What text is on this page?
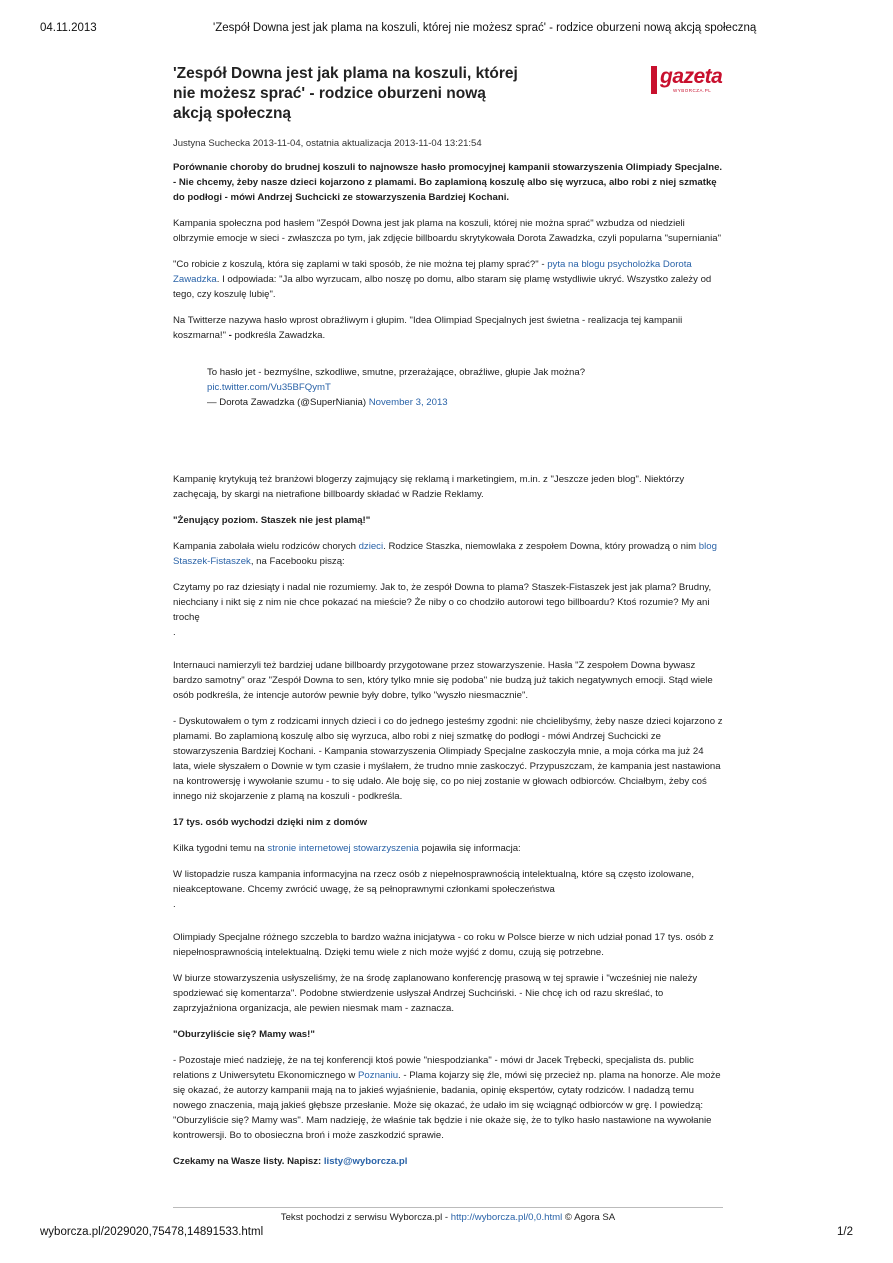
04.11.2013	'Zespół Downa jest jak plama na koszuli, której nie możesz sprać' - rodzice oburzeni nową akcją społeczną
gazeta
WYBORCZA.PL
'Zespół Downa jest jak plama na koszuli, której nie możesz sprać' - rodzice oburzeni nową akcją społeczną
Justyna Suchecka 2013-11-04, ostatnia aktualizacja 2013-11-04 13:21:54

Porównanie choroby do brudnej koszuli to najnowsze hasło promocyjnej kampanii stowarzyszenia Olimpiady Specjalne. - Nie chcemy, żeby nasze dzieci kojarzono z plamami. Bo zaplamioną koszulę albo się wyrzuca, albo robi z niej szmatkę do podłogi - mówi Andrzej Suchcicki ze stowarzyszenia Bardziej Kochani.

Kampania społeczna pod hasłem "Zespół Downa jest jak plama na koszuli, której nie można sprać" wzbudza od niedzieli olbrzymie emocje w sieci - zwłaszcza po tym, jak zdjęcie billboardu skrytykowała Dorota Zawadzka, czyli popularna "superniania"

"Co robicie z koszulą, która się zaplami w taki sposób, że nie można tej plamy sprać?" - pyta na blogu psycholożka Dorota Zawadzka. I odpowiada: "Ja albo wyrzucam, albo noszę po domu, albo staram się plamę wstydliwie ukryć. Wszystko zależy od tego, czy koszulę lubię".

Na Twitterze nazywa hasło wprost obraźliwym i głupim. "Idea Olimpiad Specjalnych jest świetna - realizacja tej kampanii koszmarna!" - podkreśla Zawadzka.

To hasło jet - bezmyślne, szkodliwe, smutne, przerażające, obraźliwe, głupie Jak można?
pic.twitter.com/Vu35BFQymT
— Dorota Zawadzka (@SuperNiania) November 3, 2013

Kampanię krytykują też branżowi blogerzy zajmujący się reklamą i marketingiem, m.in. z "Jeszcze jeden blog". Niektórzy zachęcają, by skargi na nietrafione billboardy składać w Radzie Reklamy.

"Żenujący poziom. Staszek nie jest plamą!"

Kampania zabolała wielu rodziców chorych dzieci. Rodzice Staszka, niemowlaka z zespołem Downa, który prowadzą o nim blog Staszek-Fistaszek, na Facebooku piszą:

Czytamy po raz dziesiąty i nadal nie rozumiemy. Jak to, że zespół Downa to plama? Staszek-Fistaszek jest jak plama? Brudny, niechciany i nikt się z nim nie chce pokazać na mieście? Że niby o co chodziło autorowi tego billboardu? Ktoś rozumie? My ani trochę

.

Internauci namierzyli też bardziej udane billboardy przygotowane przez stowarzyszenie. Hasła "Z zespołem Downa bywasz bardzo samotny" oraz "Zespół Downa to sen, który tylko mnie się podoba" nie budzą już takich negatywnych emocji. Stąd wiele osób podkreśla, że intencje autorów pewnie były dobre, tylko "wyszło niesmacznie".

- Dyskutowałem o tym z rodzicami innych dzieci i co do jednego jesteśmy zgodni: nie chcielibyśmy, żeby nasze dzieci kojarzono z plamami. Bo zaplamioną koszulę albo się wyrzuca, albo robi z niej szmatkę do podłogi - mówi Andrzej Suchcicki ze stowarzyszenia Bardziej Kochani. - Kampania stowarzyszenia Olimpiady Specjalne zaskoczyła mnie, a moja córka ma już 24 lata, wiele słyszałem o Downie w tym czasie i myślałem, że trudno mnie zaskoczyć. Przypuszczam, że kampania jest nastawiona na kontrowersję i wywołanie szumu - to się udało. Ale boję się, co po niej zostanie w głowach odbiorców. Chciałbym, żeby coś innego niż skojarzenie z plamą na koszuli - podkreśla.

17 tys. osób wychodzi dzięki nim z domów

Kilka tygodni temu na stronie internetowej stowarzyszenia pojawiła się informacja:

W listopadzie rusza kampania informacyjna na rzecz osób z niepełnosprawnością intelektualną, które są często izolowane, nieakceptowane. Chcemy zwrócić uwagę, że są pełnoprawnymi członkami społeczeństwa

.

Olimpiady Specjalne różnego szczebla to bardzo ważna inicjatywa - co roku w Polsce bierze w nich udział ponad 17 tys. osób z niepełnosprawnością intelektualną. Dzięki temu wiele z nich może wyjść z domu, czują się potrzebne.

W biurze stowarzyszenia usłyszeliśmy, że na środę zaplanowano konferencję prasową w tej sprawie i "wcześniej nie należy spodziewać się komentarza". Podobne stwierdzenie usłyszał Andrzej Suchciński. - Nie chcę ich od razu skreślać, to zaprzyjaźniona organizacja, ale pewien niesmak mam - zaznacza.

"Oburzyliście się? Mamy was!"

- Pozostaje mieć nadzieję, że na tej konferencji ktoś powie "niespodzianka" - mówi dr Jacek Trębecki, specjalista ds. public relations z Uniwersytetu Ekonomicznego w Poznaniu. - Plama kojarzy się źle, mówi się przecież np. plama na honorze. Ale może się okazać, że autorzy kampanii mają na to jakieś wyjaśnienie, badania, opinię ekspertów, cytaty rodziców. I nadadzą temu nowego znaczenia, mają jakieś głębsze przesłanie. Może się okazać, że udało im się wciągnąć odbiorców w grę. I powiedzą: "Oburzyliście się? Mamy was". Mam nadzieję, że właśnie tak będzie i nie okaże się, że to tylko hasło nastawione na wywołanie kontrowersji. Bo to obosieczna broń i może zaszkodzić sprawie.

Czekamy na Wasze listy. Napisz: listy@wyborcza.pl

Tekst pochodzi z serwisu Wyborcza.pl - http://wyborcza.pl/0,0.html © Agora SA
wyborcza.pl/2029020,75478,14891533.html	1/2
